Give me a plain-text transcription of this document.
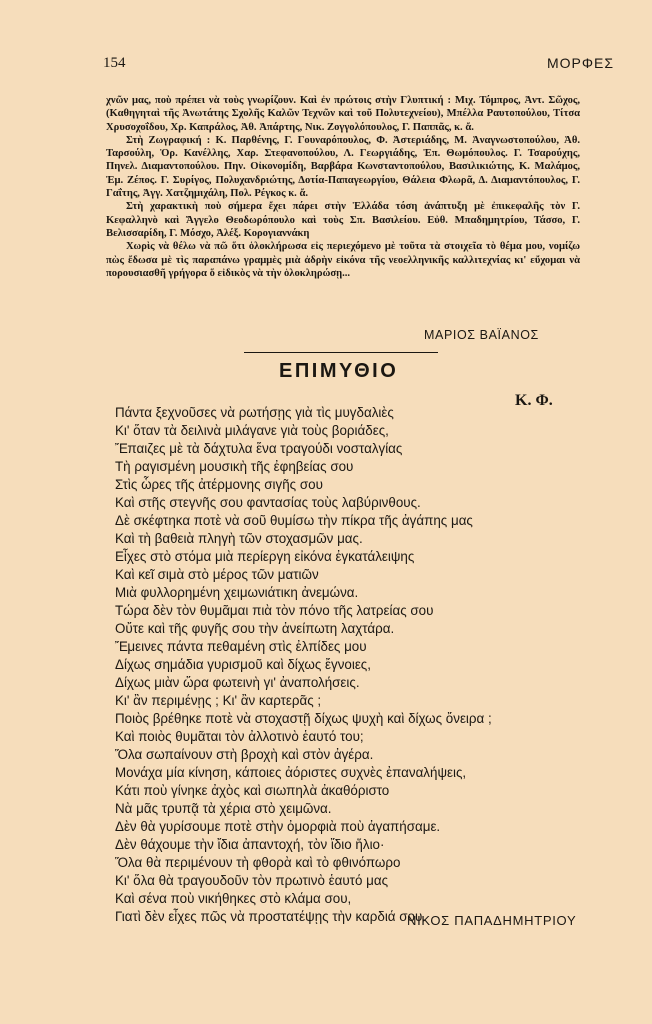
154	ΜΟΡΦΕΣ

χνῶν μας, ποὺ πρέπει νὰ τοὺς γνωρίζουν. Καὶ ἐν πρώτοις στὴν Γλυπτική : Μιχ. Τόμπρος, Ἀντ. Σῶχος, (Καθηγηταὶ τῆς Ἀνωτάτης Σχολῆς Καλῶν Τεχνῶν καὶ τοῦ Πολυτεχνείου), Μπέλλα Ραυτοπούλου, Τίτσα Χρυσοχοΐδου, Χρ. Καπράλος, Ἀθ. Ἀπάρτης, Νικ. Ζογγολόπουλος, Γ. Παππᾶς, κ. ἄ.

Στὴ Ζωγραφική : Κ. Παρθένης, Γ. Γουναρόπουλος, Φ. Ἀστεριάδης, Μ. Ἀναγνωστοπούλου, Ἀθ. Ταρσούλη, Ὀρ. Κανέλλης, Χαρ. Στεφανοπούλου, Λ. Γεωργιάδης, Ἐπ. Θωμόπουλος. Γ. Τσαρούχης, Πηνελ. Διαμαντοπούλου. Πην. Οἰκονομίδη, Βαρβάρα Κωνσταντοπούλου, Βασιλικιώτης, Κ. Μαλάμος, Ἐμ. Ζέπος. Γ. Συρίγος, Πολυχανδριώτης, Δοτία-Παπαγεωργίου, Θάλεια Φλωρᾶ, Δ. Διαμαντόπουλος, Γ. Γαΐτης, Ἀγγ. Χατζημιχάλη, Πολ. Ρέγκος κ. ἄ.

Στὴ χαρακτικὴ ποὺ σήμερα ἔχει πάρει στὴν Ἑλλάδα τόση ἀνάπτυξη μὲ ἐπικεφαλῆς τὸν Γ. Κεφαλληνὸ καὶ Ἄγγελο Θεοδωρόπουλο καὶ τοὺς Σπ. Βασιλείου. Εὐθ. Μπαδημητρίου, Τάσσο, Γ. Βελισσαρίδη, Γ. Μόσχο, Ἀλέξ. Κορογιαννάκη

Χωρὶς νὰ θέλω νὰ πῶ ὅτι ὁλοκλήρωσα εἰς περιεχόμενο μὲ τοῦτα τὰ στοιχεῖα τὸ θέμα μου, νομίζω πὼς ἔδωσα μὲ τὶς παραπάνω γραμμὲς μιὰ ἀδρὴν εἰκόνα τῆς νεοελληνικῆς καλλιτεχνίας κι' εὔχομαι νὰ πορουσιασθῆ γρήγορα ὅ εἰδικὸς νὰ τὴν ὁλοκληρώσῃ...

ΜΑΡΙΟΣ ΒΑΪΑΝΟΣ
ΕΠΙΜΥΘΙΟ
Κ. Φ.
Πάντα ξεχνοῦσες νὰ ρωτήσῃς γιὰ τὶς μυγδαλιὲς
Κι' ὅταν τὰ δειλινὰ μιλάγανε γιὰ τοὺς βοριάδες,
Ἔπαιζες μὲ τὰ δάχτυλα ἕνα τραγούδι νοσταλγίας
Τὴ ραγισμένη μουσικὴ τῆς ἐφηβείας σου
Στὶς ὧρες τῆς ἀτέρμονης σιγῆς σου
Καὶ στῆς στεγνῆς σου φαντασίας τοὺς λαβύρινθους.
Δὲ σκέφτηκα ποτὲ νὰ σοῦ θυμίσω τὴν πίκρα τῆς ἀγάπης μας
Καὶ τὴ βαθειὰ πληγὴ τῶν στοχασμῶν μας.
Εἶχες στὸ στόμα μιὰ περίεργη εἰκόνα ἐγκατάλειψης
Καὶ κεῖ σιμὰ στὸ μέρος τῶν ματιῶν
Μιὰ φυλλορημένη χειμωνιάτικη ἀνεμώνα.
Τώρα δὲν τὸν θυμᾶμαι πιὰ τὸν πόνο τῆς λατρείας σου
Οὔτε καὶ τῆς φυγῆς σου τὴν ἀνείπωτη λαχτάρα.
Ἔμεινες πάντα πεθαμένη στὶς ἐλπίδες μου
Δίχως σημάδια γυρισμοῦ καὶ δίχως ἔγνοιες,
Δίχως μιὰν ὥρα φωτεινὴ γι' ἀναπολήσεις.
Κι' ἂν περιμένῃς ; Κι' ἂν καρτερᾶς ;
Ποιὸς βρέθηκε ποτὲ νὰ στοχαστῇ δίχως ψυχὴ καὶ δίχως ὄνειρα ;
Καὶ ποιὸς θυμᾶται τὸν ἀλλοτινὸ ἑαυτό του;
Ὅλα σωπαίνουν στὴ βροχὴ καὶ στὸν ἀγέρα.
Μονάχα μία κίνηση, κάποιες ἀόριστες συχνὲς ἐπαναλήψεις,
Κάτι ποὺ γίνηκε ἀχὸς καὶ σιωπηλὰ ἀκαθόριστο
Νὰ μᾶς τρυπᾷ τὰ χέρια στὸ χειμῶνα.
Δὲν θὰ γυρίσουμε ποτὲ στὴν ὀμορφιὰ ποὺ ἀγαπήσαμε.
Δὲν θάχουμε τὴν ἴδια ἀπαντοχή, τὸν ἴδιο ἥλιο·
Ὅλα θὰ περιμένουν τὴ φθορὰ καὶ τὸ φθινόπωρο
Κι' ὅλα θὰ τραγουδοῦν τὸν πρωτινὸ ἑαυτό μας
Καὶ σένα ποὺ νικήθηκες στὸ κλάμα σου,
Γιατὶ δὲν εἶχες πῶς νὰ προστατέψῃς τὴν καρδιά σου.
ΝΙΚΟΣ ΠΑΠΑΔΗΜΗΤΡΙΟΥ
